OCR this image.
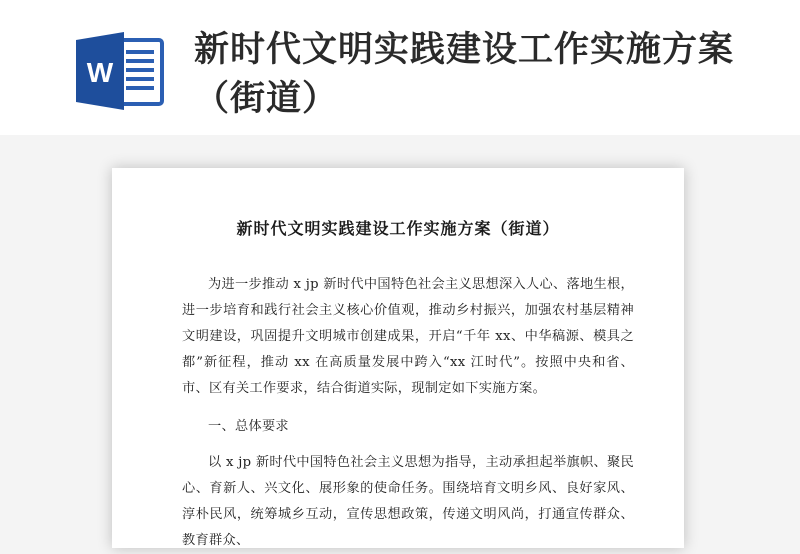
W
新时代文明实践建设工作实施方案（街道）
新时代文明实践建设工作实施方案（街道）

为进一步推动 x jp 新时代中国特色社会主义思想深入人心、落地生根，进一步培育和践行社会主义核心价值观，推动乡村振兴，加强农村基层精神文明建设，巩固提升文明城市创建成果，开启“千年 xx、中华稿源、模具之都”新征程，推动 xx 在高质量发展中跨入“xx 江时代”。按照中央和省、市、区有关工作要求，结合街道实际，现制定如下实施方案。

一、总体要求

以 x jp 新时代中国特色社会主义思想为指导，主动承担起举旗帜、聚民心、育新人、兴文化、展形象的使命任务。围绕培育文明乡风、良好家风、淳朴民风，统筹城乡互动，宣传思想政策，传递文明风尚，打通宣传群众、教育群众、
